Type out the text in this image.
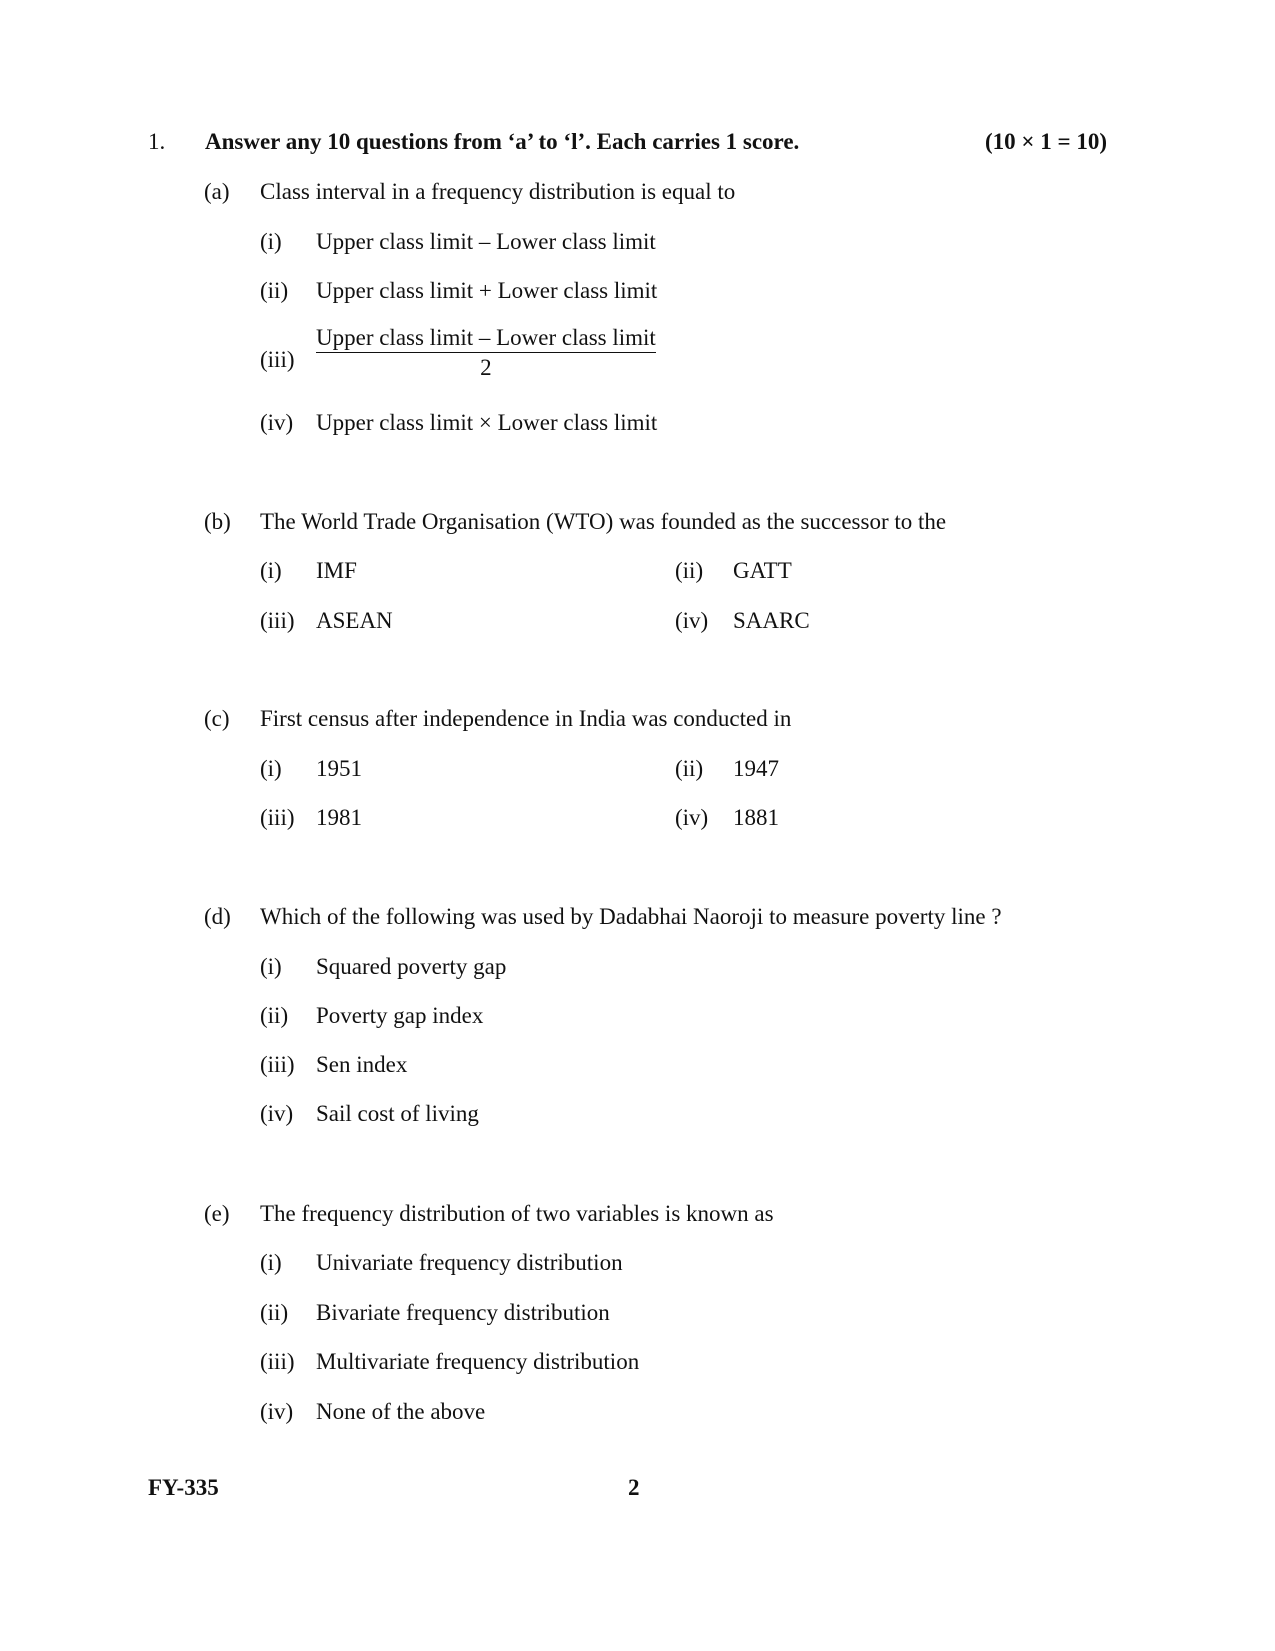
1. Answer any 10 questions from ‘a’ to ‘l’. Each carries 1 score.	(10 × 1 = 10)
(a) Class interval in a frequency distribution is equal to
(i) Upper class limit – Lower class limit
(ii) Upper class limit + Lower class limit
(iii)
Upper class limit – Lower class limit
2
(iv) Upper class limit × Lower class limit
(b) The World Trade Organisation (WTO) was founded as the successor to the
(i) IMF	(ii) GATT
(iii) ASEAN	(iv) SAARC
(c) First census after independence in India was conducted in
(i) 1951	(ii) 1947
(iii) 1981	(iv) 1881
(d) Which of the following was used by Dadabhai Naoroji to measure poverty line ?
(i) Squared poverty gap
(ii) Poverty gap index
(iii) Sen index
(iv) Sail cost of living
(e) The frequency distribution of two variables is known as
(i) Univariate frequency distribution
(ii) Bivariate frequency distribution
(iii) Multivariate frequency distribution
(iv) None of the above
FY-335	2
